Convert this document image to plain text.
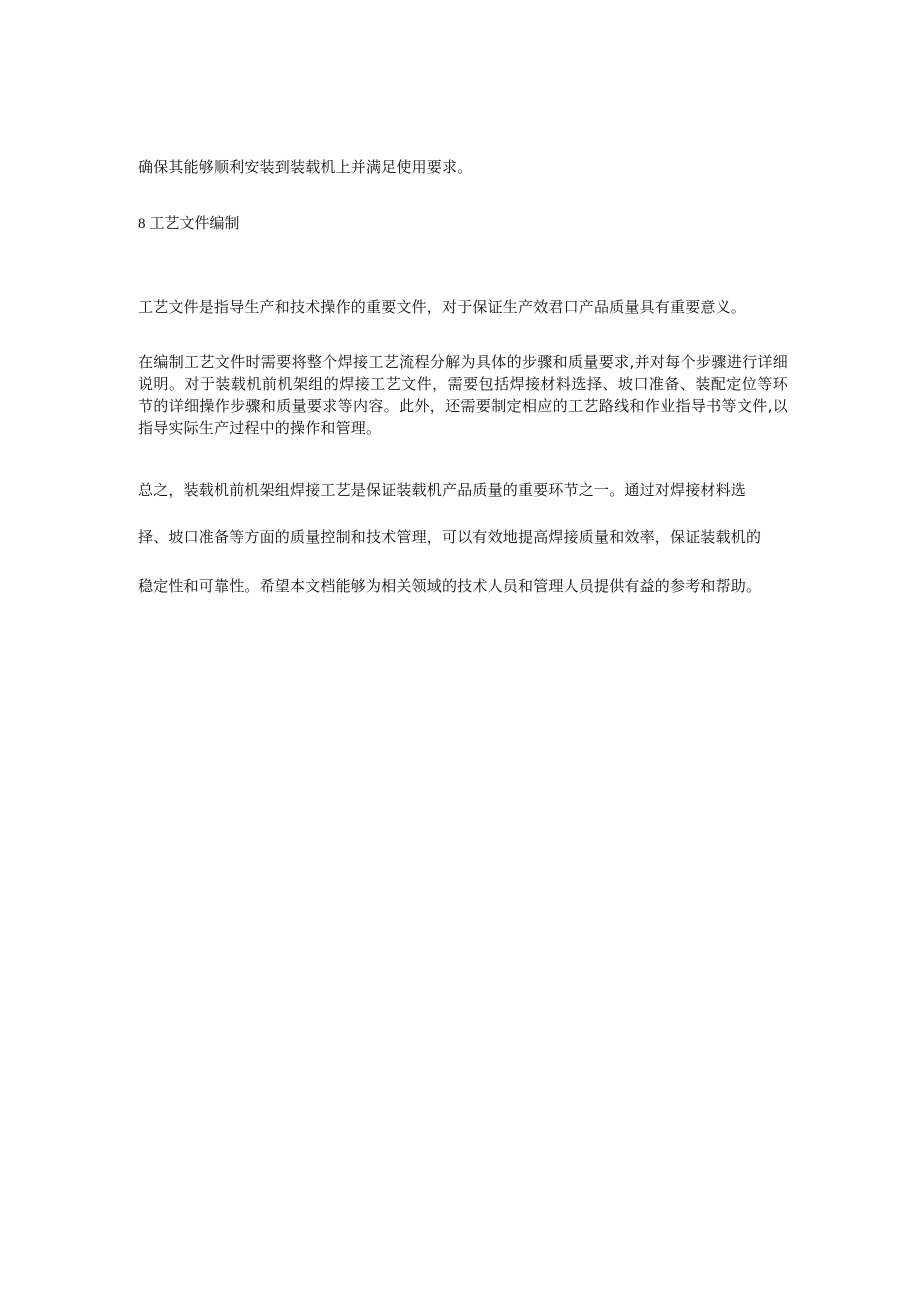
确保其能够顺利安装到装载机上并满足使用要求。
8 工艺文件编制
工艺文件是指导生产和技术操作的重要文件，对于保证生产效君口产品质量具有重要意义。
在编制工艺文件时需要将整个焊接工艺流程分解为具体的步骤和质量要求,并对每个步骤进行详细说明。对于装载机前机架组的焊接工艺文件，需要包括焊接材料选择、坡口准备、装配定位等环节的详细操作步骤和质量要求等内容。此外，还需要制定相应的工艺路线和作业指导书等文件,以指导实际生产过程中的操作和管理。
总之，装载机前机架组焊接工艺是保证装载机产品质量的重要环节之一。通过对焊接材料选
择、坡口准备等方面的质量控制和技术管理，可以有效地提高焊接质量和效率，保证装载机的
稳定性和可靠性。希望本文档能够为相关领域的技术人员和管理人员提供有益的参考和帮助。
